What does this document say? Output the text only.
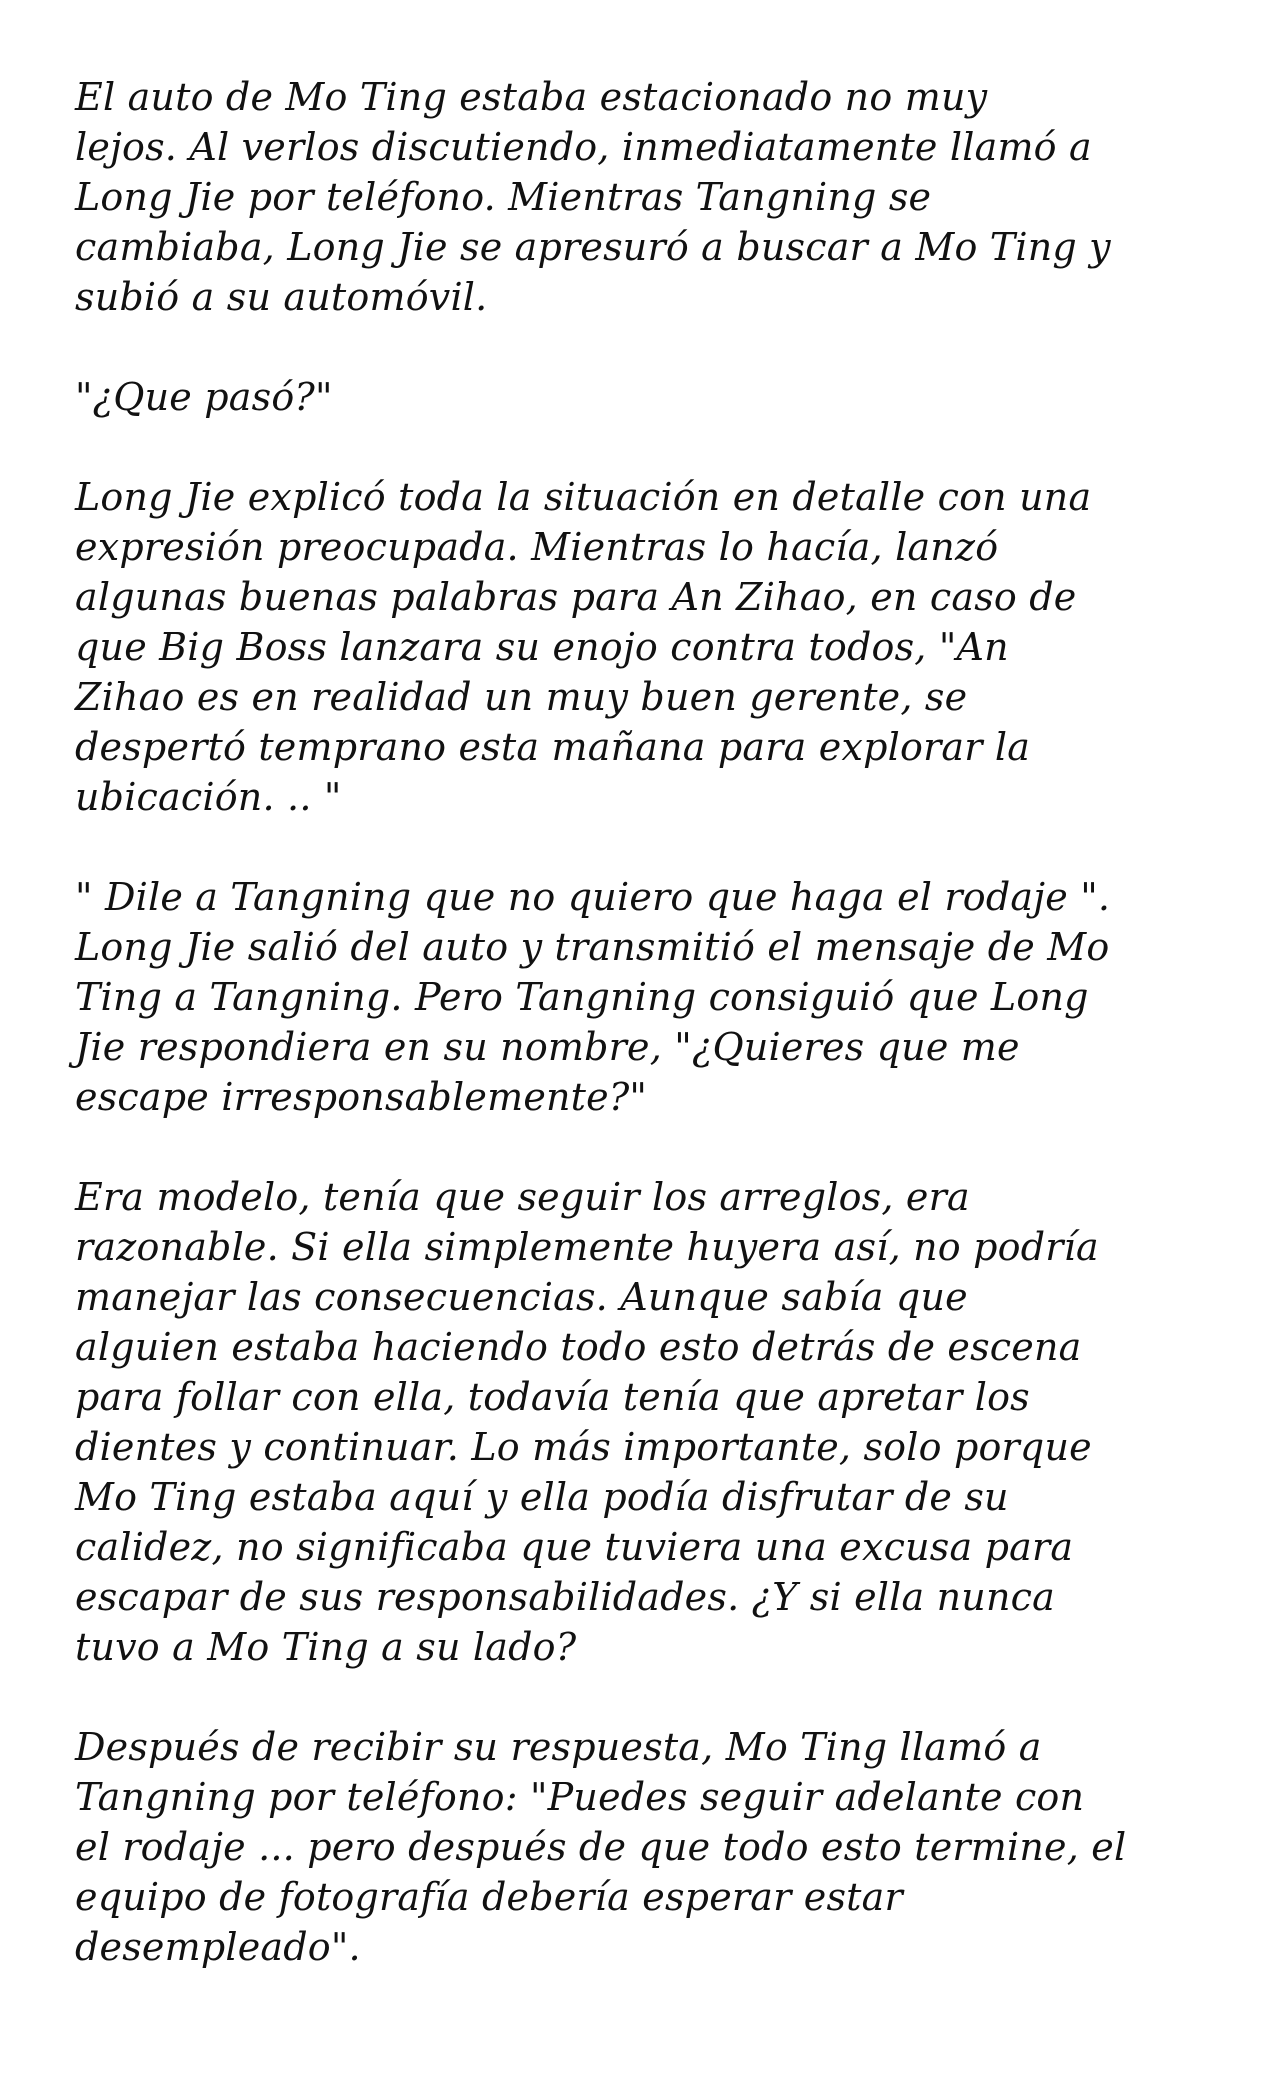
El auto de Mo Ting estaba estacionado no muy
lejos. Al verlos discutiendo, inmediatamente llamó a
Long Jie por teléfono. Mientras Tangning se
cambiaba, Long Jie se apresuró a buscar a Mo Ting y
subió a su automóvil.

"¿Que pasó?"

Long Jie explicó toda la situación en detalle con una
expresión preocupada. Mientras lo hacía, lanzó
algunas buenas palabras para An Zihao, en caso de
que Big Boss lanzara su enojo contra todos, "An
Zihao es en realidad un muy buen gerente, se
despertó temprano esta mañana para explorar la
ubicación. .. "

" Dile a Tangning que no quiero que haga el rodaje ".
Long Jie salió del auto y transmitió el mensaje de Mo
Ting a Tangning. Pero Tangning consiguió que Long
Jie respondiera en su nombre, "¿Quieres que me
escape irresponsablemente?"

Era modelo, tenía que seguir los arreglos, era
razonable. Si ella simplemente huyera así, no podría
manejar las consecuencias. Aunque sabía que
alguien estaba haciendo todo esto detrás de escena
para follar con ella, todavía tenía que apretar los
dientes y continuar. Lo más importante, solo porque
Mo Ting estaba aquí y ella podía disfrutar de su
calidez, no significaba que tuviera una excusa para
escapar de sus responsabilidades. ¿Y si ella nunca
tuvo a Mo Ting a su lado?

Después de recibir su respuesta, Mo Ting llamó a
Tangning por teléfono: "Puedes seguir adelante con
el rodaje ... pero después de que todo esto termine, el
equipo de fotografía debería esperar estar
desempleado".
